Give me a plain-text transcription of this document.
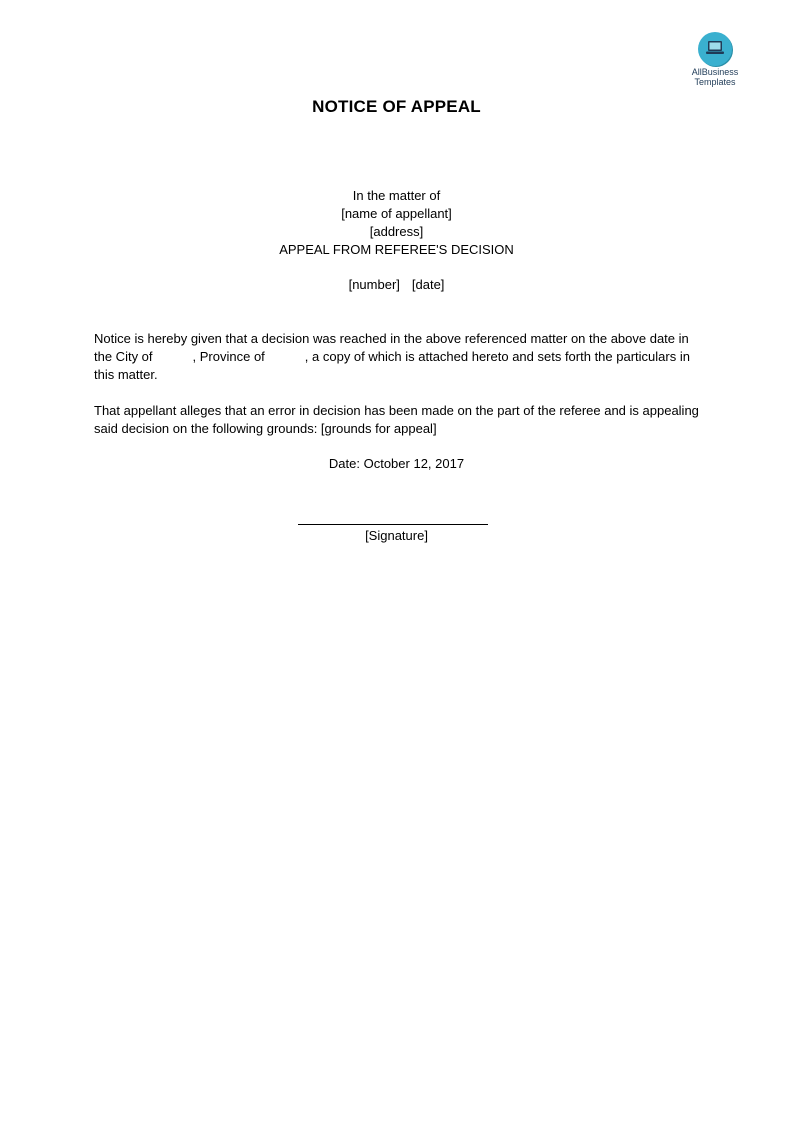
AllBusiness
Templates
NOTICE OF APPEAL
In the matter of
[name of appellant]
[address]
APPEAL FROM REFEREE'S DECISION
[number] [date]
Notice is hereby given that a decision was reached in the above referenced matter on the above date in the City of	, Province of	, a copy of which is attached hereto and sets forth the particulars in this matter.
That appellant alleges that an error in decision has been made on the part of the referee and is appealing said decision on the following grounds: [grounds for appeal]
Date: October 12, 2017
[Signature]
